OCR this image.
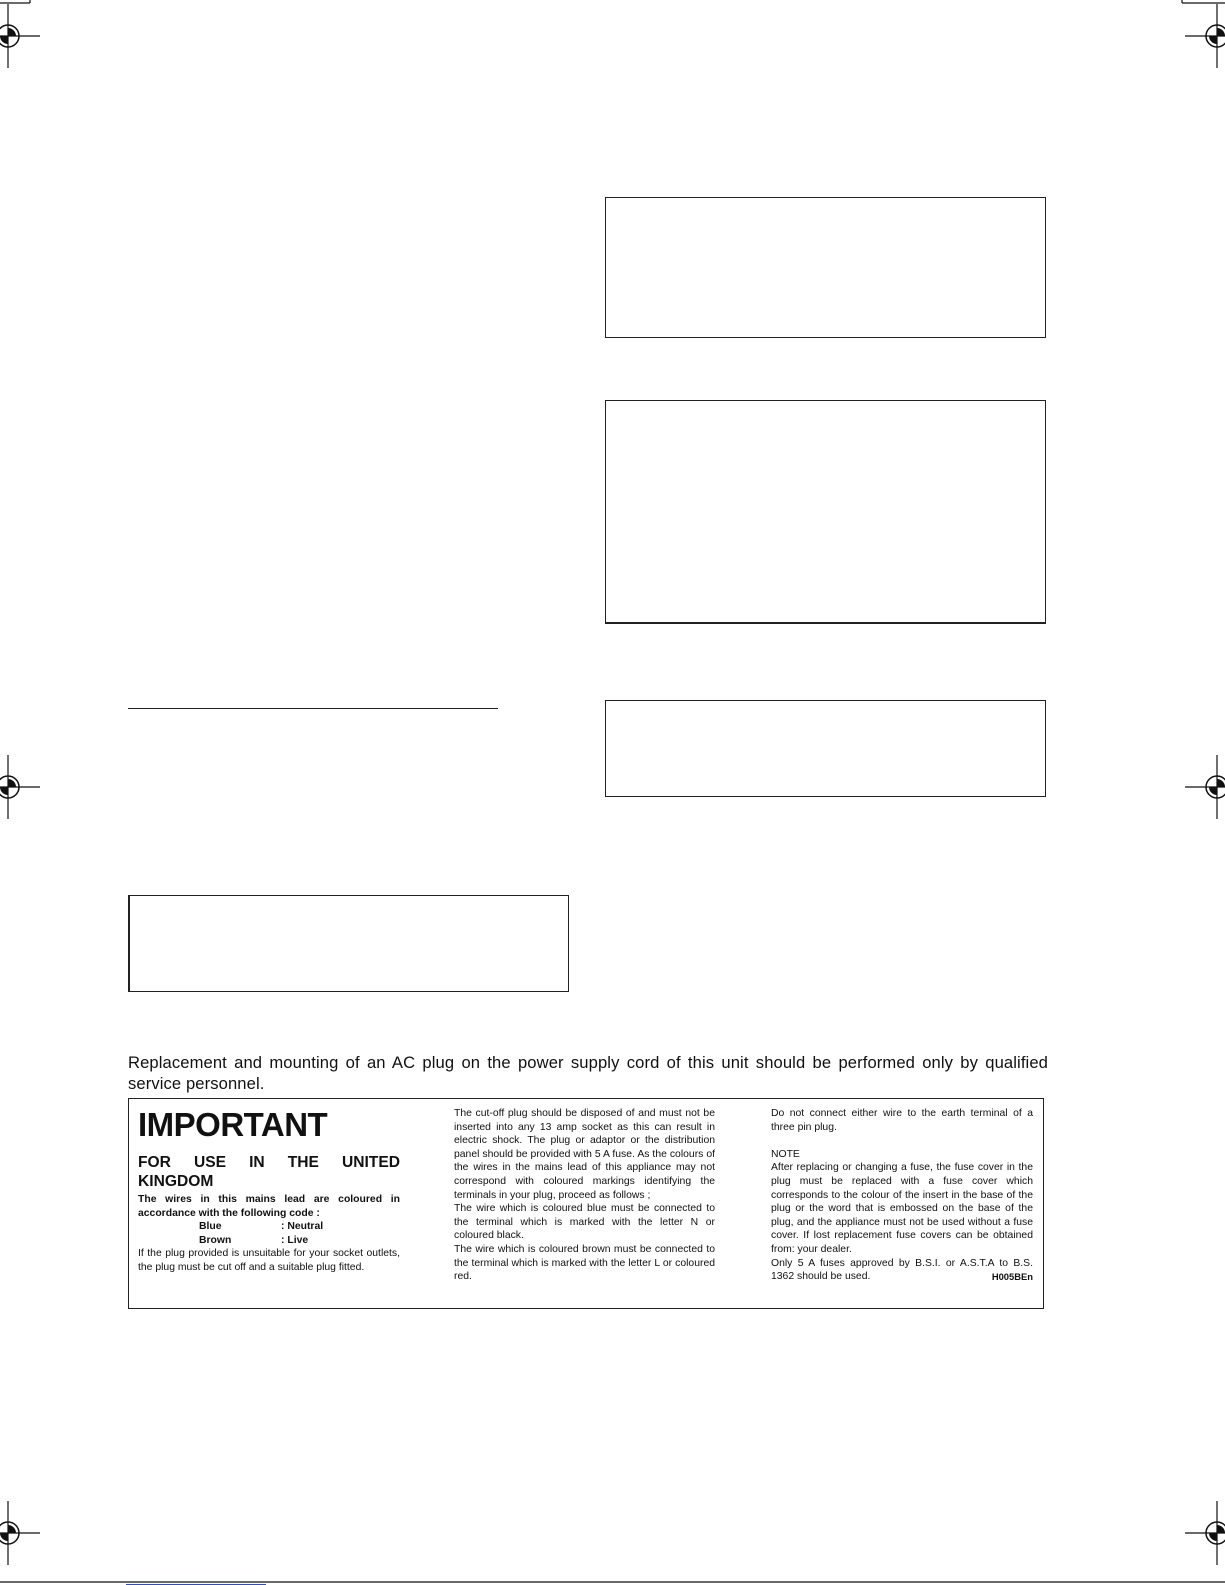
Replacement and mounting of an AC plug on the power supply cord of this unit should be performed only by qualified service personnel.
IMPORTANT
FOR USE IN THE UNITED KINGDOM

The wires in this mains lead are coloured in accordance with the following code :

Blue	: Neutral
Brown	: Live

If the plug provided is unsuitable for your socket outlets, the plug must be cut off and a suitable plug fitted.

The cut-off plug should be disposed of and must not be inserted into any 13 amp socket as this can result in electric shock. The plug or adaptor or the distribution panel should be provided with 5 A fuse. As the colours of the wires in the mains lead of this appliance may not correspond with coloured markings identifying the terminals in your plug, proceed as follows ;

The wire which is coloured blue must be connected to the terminal which is marked with the letter N or coloured black.

The wire which is coloured brown must be connected to the terminal which is marked with the letter L or coloured red.

Do not connect either wire to the earth terminal of a three pin plug.

NOTE

After replacing or changing a fuse, the fuse cover in the plug must be replaced with a fuse cover which corresponds to the colour of the insert in the base of the plug or the word that is embossed on the base of the plug, and the appliance must not be used without a fuse cover. If lost replacement fuse covers can be obtained from: your dealer.

Only 5 A fuses approved by B.S.I. or A.S.T.A to B.S. 1362 should be used.	H005BEn
